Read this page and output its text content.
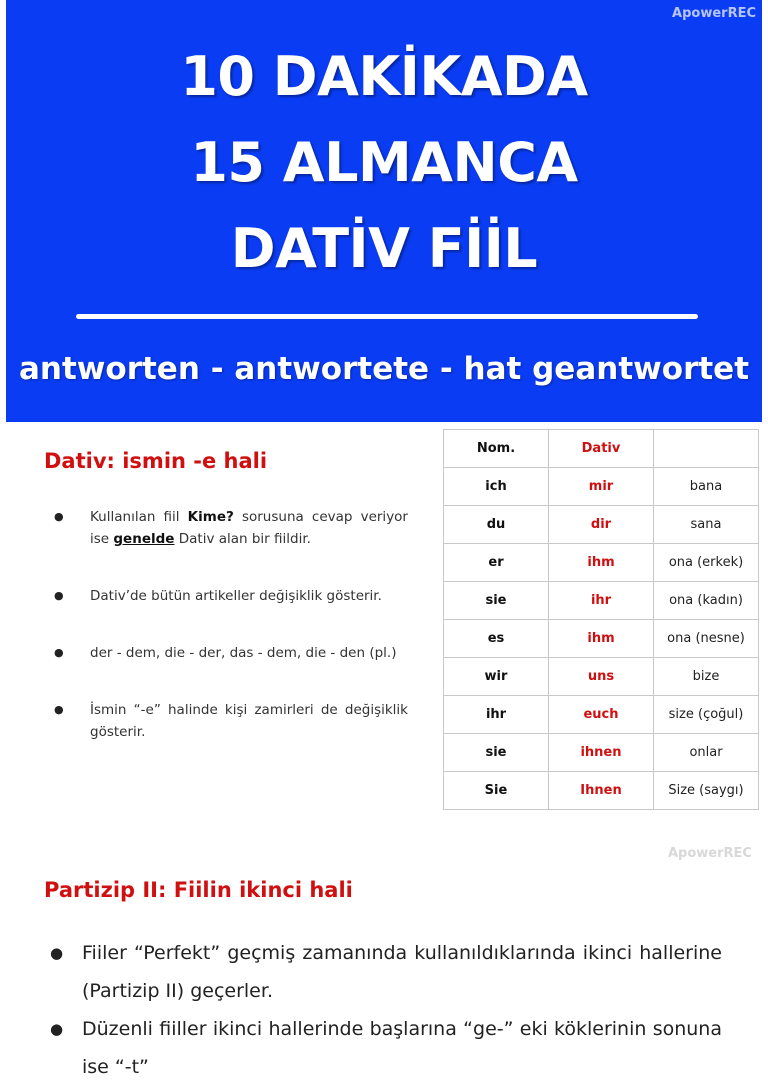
ApowerREC
10 DAKİKADA
15 ALMANCA
DATİV FİİL
antworten - antwortete - hat geantwortet
Dativ: ismin -e hali
● Kullanılan fiil Kime? sorusuna cevap veriyor ise genelde Dativ alan bir fiildir.
● Dativ’de bütün artikeller değişiklik gösterir.
● der - dem, die - der, das - dem, die - den (pl.)
● İsmin “-e” halinde kişi zamirleri de değişiklik gösterir.
Nom.	Dativ	
ich	mir	bana
du	dir	sana
er	ihm	ona (erkek)
sie	ihr	ona (kadın)
es	ihm	ona (nesne)
wir	uns	bize
ihr	euch	size (çoğul)
sie	ihnen	onlar
Sie	Ihnen	Size (saygı)
ApowerREC
Partizip II: Fiilin ikinci hali
● Fiiler “Perfekt” geçmiş zamanında kullanıldıklarında ikinci hallerine (Partizip II) geçerler.
● Düzenli fiiller ikinci hallerinde başlarına “ge-” eki köklerinin sonuna ise “-t”
